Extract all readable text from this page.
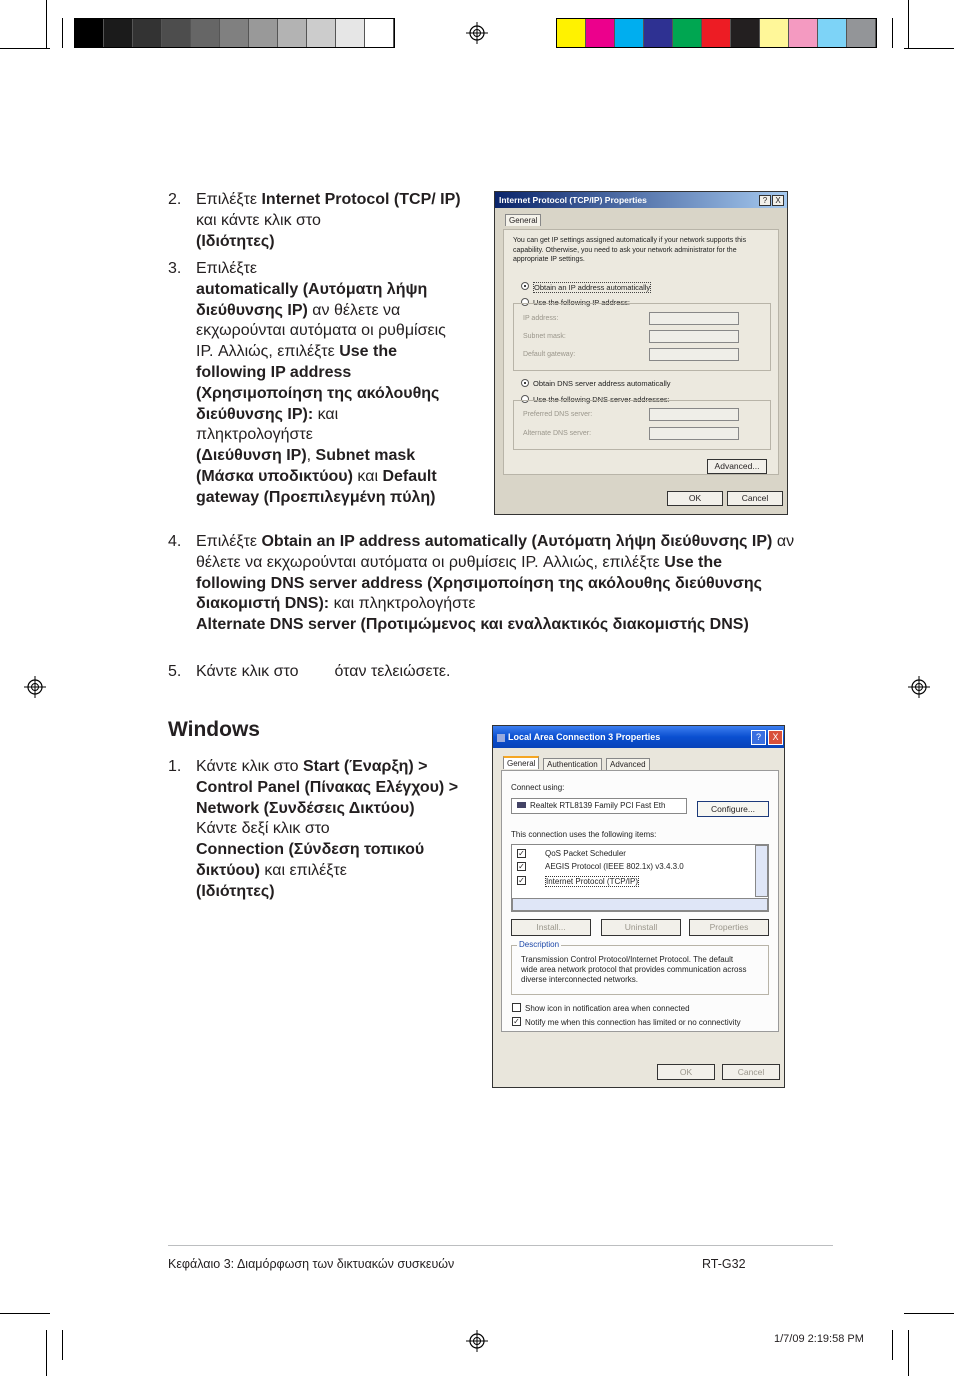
2. Επιλέξτε Internet Protocol (TCP/ IP) και κάντε κλικ στο
(Ιδιότητες)
3. Επιλέξτε
automatically (Αυτόματη λήψη διεύθυνσης IP) αν θέλετε να εκχωρούνται αυτόματα οι ρυθμίσεις IP. Αλλιώς, επιλέξτε Use the following IP address (Χρησιμοποίηση της ακόλουθης διεύθυνσης IP): και πληκτρολογήστε
(Διεύθυνση IP), Subnet mask (Μάσκα υποδικτύου) και Default gateway (Προεπιλεγμένη πύλη)
Internet Protocol (TCP/IP) Properties	?	X
General
You can get IP settings assigned automatically if your network supports this capability. Otherwise, you need to ask your network administrator for the appropriate IP settings.
Obtain an IP address automatically
Use the following IP address:
IP address:
Subnet mask:
Default gateway:
Obtain DNS server address automatically
Use the following DNS server addresses:
Preferred DNS server:
Alternate DNS server:
Advanced...
OK	Cancel
4. Επιλέξτε Obtain an IP address automatically (Αυτόματη λήψη διεύθυνσης IP) αν θέλετε να εκχωρούνται αυτόματα οι ρυθμίσεις IP. Αλλιώς, επιλέξτε Use the following DNS server address (Χρησιμοποίηση της ακόλουθης διεύθυνσης διακομιστή DNS): και πληκτρολογήστε
Alternate DNS server (Προτιμώμενος και εναλλακτικός διακομιστής DNS)
5. Κάντε κλικ στο όταν τελειώσετε.
Windows
1. Κάντε κλικ στο Start (Έναρξη) > Control Panel (Πίνακας Ελέγχου) > Network (Συνδέσεις Δικτύου)
Κάντε δεξί κλικ στο
Connection (Σύνδεση τοπικού δικτύου) και επιλέξτε
(Ιδιότητες)
Local Area Connection 3 Properties	?	X
General	Authentication	Advanced
Connect using:
Realtek RTL8139 Family PCI Fast Eth	Configure...
This connection uses the following items:
✓	QoS Packet Scheduler
✓	AEGIS Protocol (IEEE 802.1x) v3.4.3.0
✓	Internet Protocol (TCP/IP)
Install...	Uninstall	Properties
Description
Transmission Control Protocol/Internet Protocol. The default wide area network protocol that provides communication across diverse interconnected networks.
Show icon in notification area when connected
✓ Notify me when this connection has limited or no connectivity
OK	Cancel
Κεφάλαιο 3: Διαμόρφωση των δικτυακών συσκευών	RT-G32
1/7/09 2:19:58 PM
